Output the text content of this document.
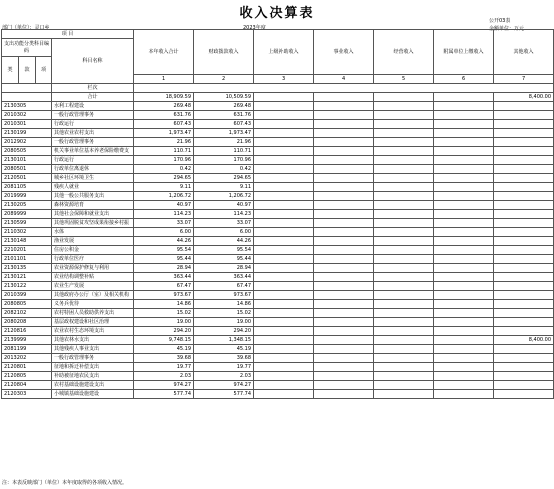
收入决算表
部门（单位）：灵口乡	2023年度
公开03表
金额单位：万元
项 目				本年收入合计	财政拨款收入	上级补助收入	事业收入	经营收入	附属单位上缴收入	其他收入
支出功能分类科目编码			科目名称							
类	款	项								
				1	2	3	4	5	6	7
			栏次							
			合计	18,909.59	10,509.59					8,400.00
2130305			水利工程建设	269.48	269.48					
2010302			一般行政管理事务	631.76	631.76					
2010301			行政运行	607.43	607.43					
2130199			其他农业农村支出	1,973.47	1,973.47					
2012902			一般行政管理事务	21.96	21.96					
2080505			机关事业单位基本养老保险缴费支	110.71	110.71					
2130101			行政运行	170.96	170.96					
2080501			行政单位离退休	0.42	0.42					
2120501			城乡社区环境卫生	294.65	294.65					
2081105			残疾人就业	9.11	9.11					
2019999			其他一般公共服务支出	1,206.72	1,206.72					
2130205			森林资源培育	40.97	40.97					
2089999			其他社会保障和就业支出	114.23	114.23					
2130599			其他巩固脱贫攻坚成果衔接乡村振	33.07	33.07					
2110302			水体	6.00	6.00					
2130148			渔业发展	44.26	44.26					
2210201			住房公积金	95.54	95.54					
2101101			行政单位医疗	95.44	95.44					
2130135			农业资源保护修复与利用	28.94	28.94					
2130121			农业结构调整补贴	363.44	363.44					
2130122			农业生产发展	67.47	67.47					
2010399			其他政府办公厅（室）及相关机构	973.67	973.67					
2080805			义务兵优待	14.86	14.86					
2082102			农村特困人员救助供养支出	15.02	15.02					
2080208			基层政权建设和社区治理	19.00	19.00					
2120816			农业农村生态环境支出	294.20	294.20					
2139999			其他农林水支出	9,748.15	1,348.15					8,400.00
2081199			其他残疾人事业支出	45.19	45.19					
2013202			一般行政管理事务	39.68	39.68					
2120801			征地和拆迁补偿支出	19.77	19.77					
2120805			补助被征地农民支出	2.03	2.03					
2120804			农村基础设施建设支出	974.27	974.27					
2120303			小城镇基础设施建设	577.74	577.74					
注：本表反映部门（单位）本年度取得的各项收入情况。
